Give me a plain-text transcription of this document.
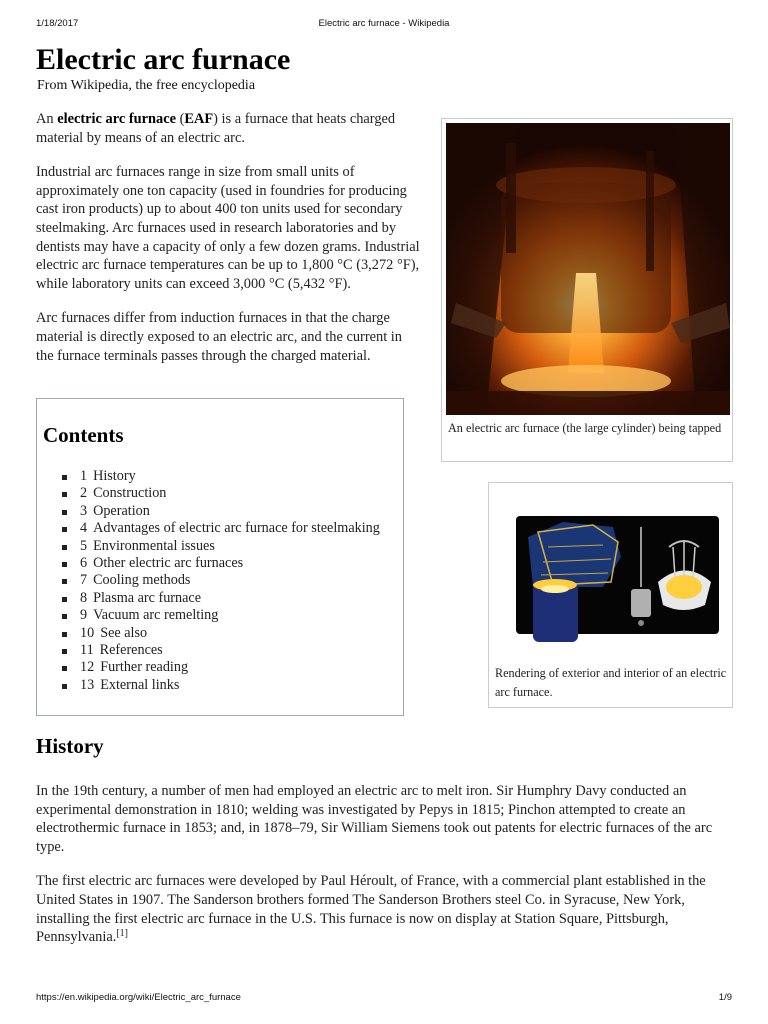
1/18/2017	Electric arc furnace - Wikipedia
Electric arc furnace
From Wikipedia, the free encyclopedia

An electric arc furnace (EAF) is a furnace that heats charged material by means of an electric arc.

Industrial arc furnaces range in size from small units of approximately one ton capacity (used in foundries for producing cast iron products) up to about 400 ton units used for secondary steelmaking. Arc furnaces used in research laboratories and by dentists may have a capacity of only a few dozen grams. Industrial electric arc furnace temperatures can be up to 1,800 °C (3,272 °F), while laboratory units can exceed 3,000 °C (5,432 °F).

Arc furnaces differ from induction furnaces in that the charge material is directly exposed to an electric arc, and the current in the furnace terminals passes through the charged material.

An electric arc furnace (the large cylinder) being tapped
Rendering of exterior and interior of an electric arc furnace.
Contents
1 History
2 Construction
3 Operation
4 Advantages of electric arc furnace for steelmaking
5 Environmental issues
6 Other electric arc furnaces
7 Cooling methods
8 Plasma arc furnace
9 Vacuum arc remelting
10 See also
11 References
12 Further reading
13 External links
History

In the 19th century, a number of men had employed an electric arc to melt iron. Sir Humphry Davy conducted an experimental demonstration in 1810; welding was investigated by Pepys in 1815; Pinchon attempted to create an electrothermic furnace in 1853; and, in 1878–79, Sir William Siemens took out patents for electric furnaces of the arc type.

The first electric arc furnaces were developed by Paul Héroult, of France, with a commercial plant established in the United States in 1907. The Sanderson brothers formed The Sanderson Brothers steel Co. in Syracuse, New York, installing the first electric arc furnace in the U.S. This furnace is now on display at Station Square, Pittsburgh, Pennsylvania.[1]

https://en.wikipedia.org/wiki/Electric_arc_furnace	1/9
